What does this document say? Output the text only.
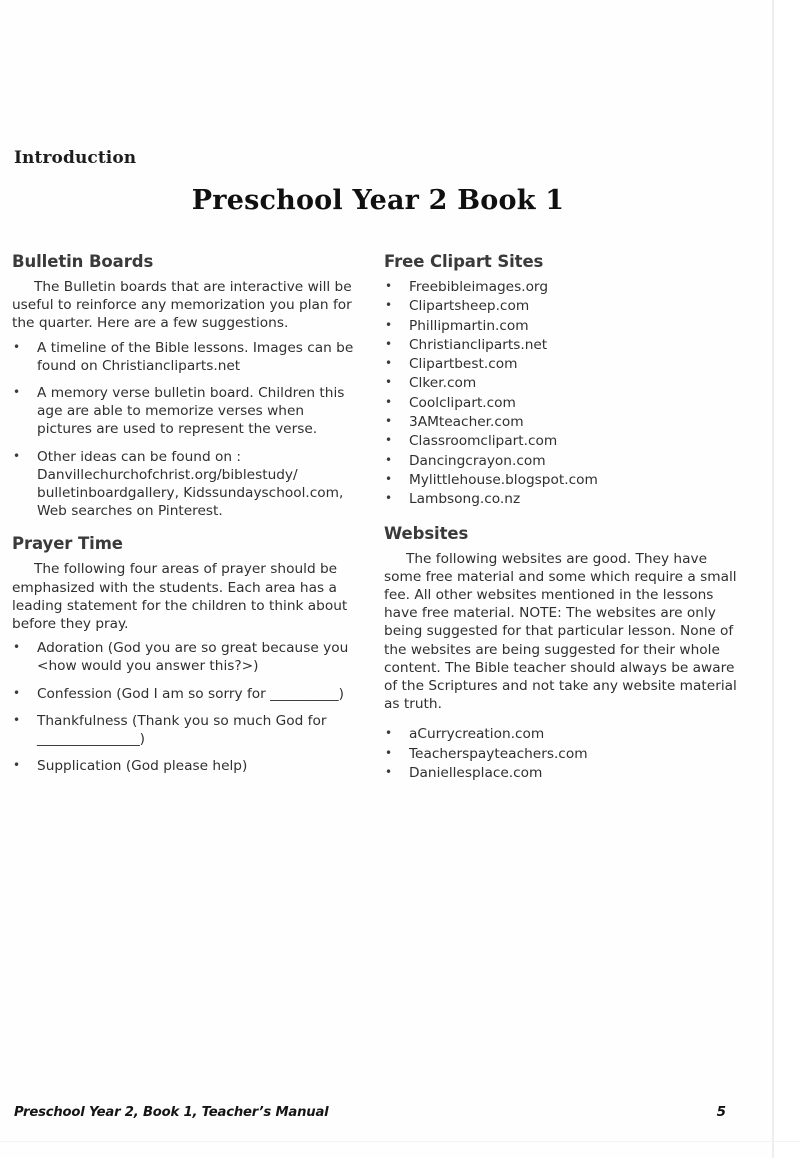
Introduction
Preschool Year 2 Book 1
Bulletin Boards

The Bulletin boards that are interactive will be useful to reinforce any memorization you plan for the quarter. Here are a few suggestions.

• A timeline of the Bible lessons. Images can be found on Christiancliparts.net
• A memory verse bulletin board. Children this age are able to memorize verses when pictures are used to represent the verse.
• Other ideas can be found on : Danvillechurchofchrist.org/biblestudy/ bulletinboardgallery, Kidssundayschool.com, Web searches on Pinterest.
Prayer Time

The following four areas of prayer should be emphasized with the students. Each area has a leading statement for the children to think about before they pray.

• Adoration (God you are so great because you <how would you answer this?>)
• Confession (God I am so sorry for __________)
• Thankfulness (Thank you so much God for _______________)
• Supplication (God please help)
Free Clipart Sites
• Freebibleimages.org
• Clipartsheep.com
• Phillipmartin.com
• Christiancliparts.net
• Clipartbest.com
• Clker.com
• Coolclipart.com
• 3AMteacher.com
• Classroomclipart.com
• Dancingcrayon.com
• Mylittlehouse.blogspot.com
• Lambsong.co.nz
Websites

The following websites are good. They have some free material and some which require a small fee. All other websites mentioned in the lessons have free material. NOTE: The websites are only being suggested for that particular lesson. None of the websites are being suggested for their whole content. The Bible teacher should always be aware of the Scriptures and not take any website material as truth.

• aCurrycreation.com
• Teacherspayteachers.com
• Daniellesplace.com
Preschool Year 2, Book 1, Teacher’s Manual	5
